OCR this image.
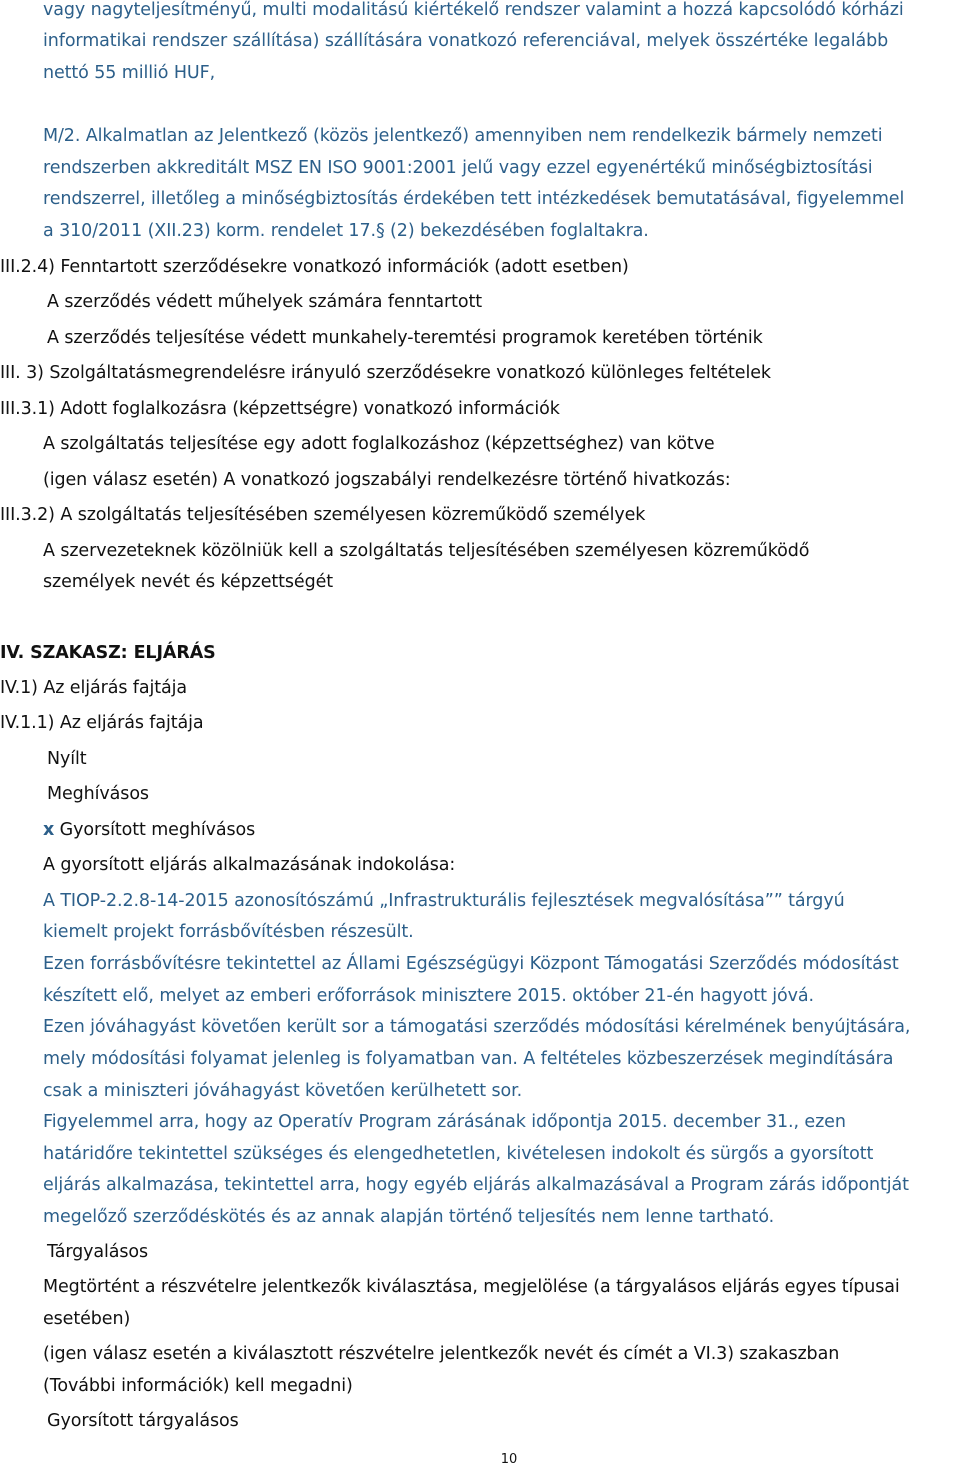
vagy nagyteljesítményű, multi modalitású kiértékelő rendszer valamint a hozzá kapcsolódó kórházi
informatikai rendszer szállítása) szállítására vonatkozó referenciával, melyek összértéke legalább
nettó 55 millió HUF,
M/2. Alkalmatlan az Jelentkező (közös jelentkező) amennyiben nem rendelkezik bármely nemzeti
rendszerben akkreditált MSZ EN ISO 9001:2001 jelű vagy ezzel egyenértékű minőségbiztosítási
rendszerrel, illetőleg a minőségbiztosítás érdekében tett intézkedések bemutatásával, figyelemmel
a 310/2011 (XII.23) korm. rendelet 17.§ (2) bekezdésében foglaltakra.
III.2.4) Fenntartott szerződésekre vonatkozó információk (adott esetben)
A szerződés védett műhelyek számára fenntartott
A szerződés teljesítése védett munkahely-teremtési programok keretében történik
III. 3) Szolgáltatásmegrendelésre irányuló szerződésekre vonatkozó különleges feltételek
III.3.1) Adott foglalkozásra (képzettségre) vonatkozó információk
A szolgáltatás teljesítése egy adott foglalkozáshoz (képzettséghez) van kötve
(igen válasz esetén) A vonatkozó jogszabályi rendelkezésre történő hivatkozás:
III.3.2) A szolgáltatás teljesítésében személyesen közreműködő személyek
A szervezeteknek közölniük kell a szolgáltatás teljesítésében személyesen közreműködő
személyek nevét és képzettségét
IV. SZAKASZ: ELJÁRÁS
IV.1) Az eljárás fajtája
IV.1.1) Az eljárás fajtája
Nyílt
Meghívásos
x Gyorsított meghívásos
A gyorsított eljárás alkalmazásának indokolása:
A TIOP-2.2.8-14-2015 azonosítószámú „Infrastrukturális fejlesztések megvalósítása”” tárgyú
kiemelt projekt forrásbővítésben részesült.
Ezen forrásbővítésre tekintettel az Állami Egészségügyi Központ Támogatási Szerződés módosítást
készített elő, melyet az emberi erőforrások minisztere 2015. október 21-én hagyott jóvá.
Ezen jóváhagyást követően került sor a támogatási szerződés módosítási kérelmének benyújtására,
mely módosítási folyamat jelenleg is folyamatban van. A feltételes közbeszerzések megindítására
csak a miniszteri jóváhagyást követően kerülhetett sor.
Figyelemmel arra, hogy az Operatív Program zárásának időpontja 2015. december 31., ezen
határidőre tekintettel szükséges és elengedhetetlen, kivételesen indokolt és sürgős a gyorsított
eljárás alkalmazása, tekintettel arra, hogy egyéb eljárás alkalmazásával a Program zárás időpontját
megelőző szerződéskötés és az annak alapján történő teljesítés nem lenne tartható.
Tárgyalásos
Megtörtént a részvételre jelentkezők kiválasztása, megjelölése (a tárgyalásos eljárás egyes típusai
esetében)
(igen válasz esetén a kiválasztott részvételre jelentkezők nevét és címét a VI.3) szakaszban
(További információk) kell megadni)
Gyorsított tárgyalásos
10
